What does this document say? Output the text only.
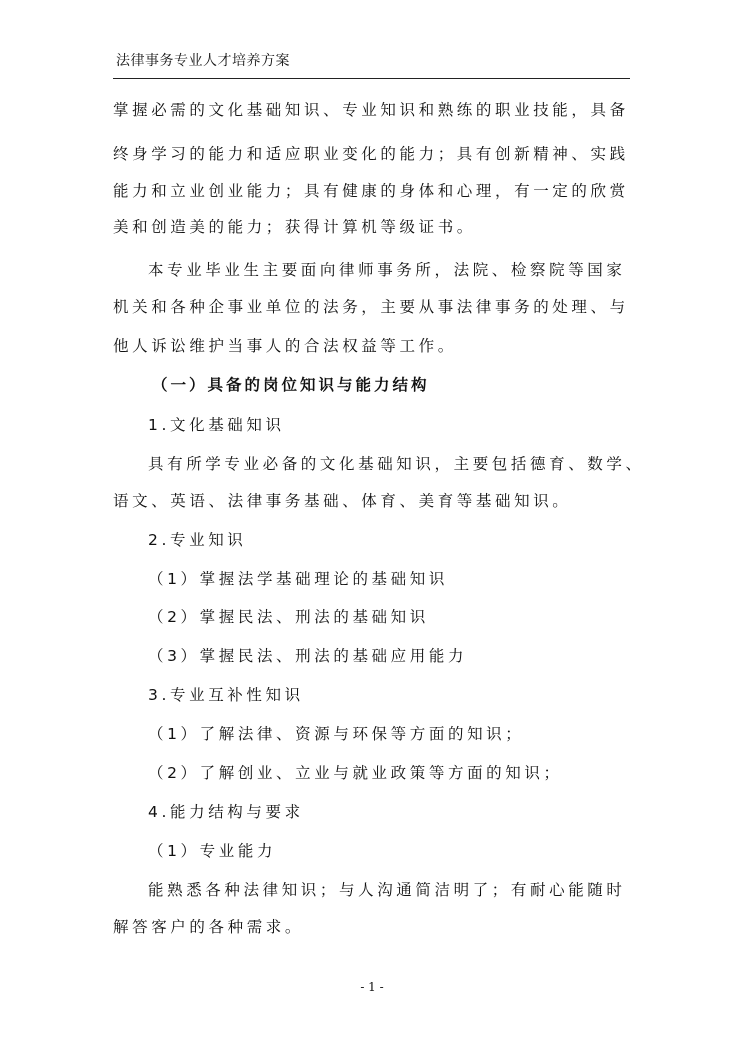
法律事务专业人才培养方案
掌握必需的文化基础知识、专业知识和熟练的职业技能，具备
终身学习的能力和适应职业变化的能力；具有创新精神、实践
能力和立业创业能力；具有健康的身体和心理，有一定的欣赏
美和创造美的能力；获得计算机等级证书。
本专业毕业生主要面向律师事务所，法院、检察院等国家
机关和各种企事业单位的法务，主要从事法律事务的处理、与
他人诉讼维护当事人的合法权益等工作。
（一）具备的岗位知识与能力结构
1.文化基础知识
具有所学专业必备的文化基础知识，主要包括德育、数学、
语文、英语、法律事务基础、体育、美育等基础知识。
2.专业知识
（1）掌握法学基础理论的基础知识
（2）掌握民法、刑法的基础知识
（3）掌握民法、刑法的基础应用能力
3.专业互补性知识
（1）了解法律、资源与环保等方面的知识；
（2）了解创业、立业与就业政策等方面的知识；
4.能力结构与要求
（1）专业能力
能熟悉各种法律知识；与人沟通简洁明了；有耐心能随时
解答客户的各种需求。
- 1 -
